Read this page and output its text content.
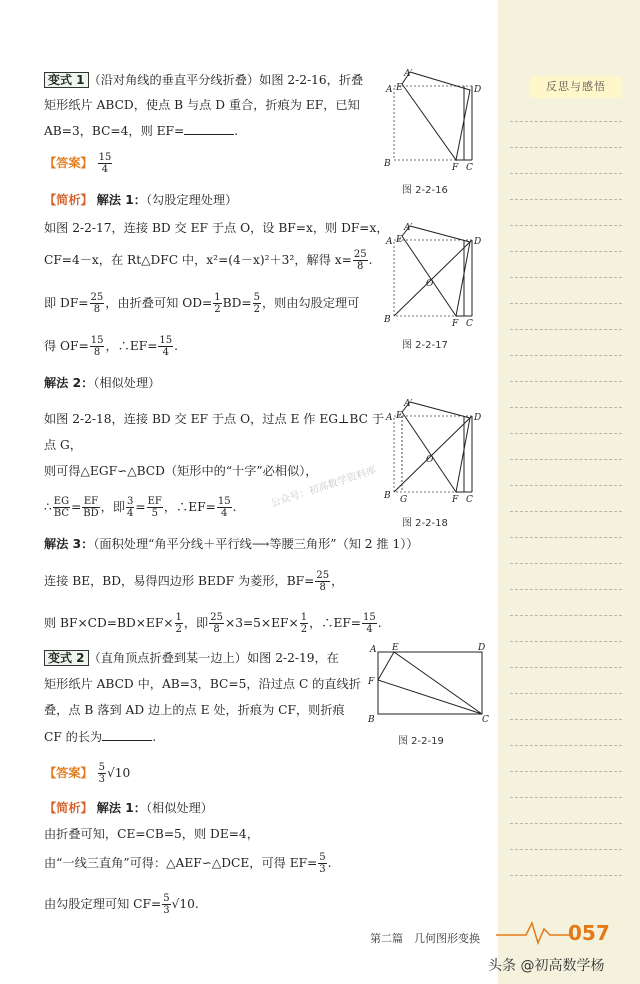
反思与感悟
变式 1 （沿对角线的垂直平分线折叠）如图 2-2-16，折叠
矩形纸片 ABCD，使点 B 与点 D 重合，折痕为 EF，已知
AB=3，BC=4，则 EF=	.
【答案】 $\frac{15}{4}$
【简析】 解法 1：（勾股定理处理）
如图 2-2-17，连接 BD 交 EF 于点 O，设 BF=x，则 DF=x，
CF=4－x，在 Rt△DFC 中，x²=(4－x)²＋3²，解得 $x= \frac{25}{8}$ .
即 $DF= \frac{25}{8}$ ，由折叠可知 $OD= \frac{1}{2} BD= \frac{5}{2}$ ，则由勾股定理可
得 $OF= \frac{15}{8}$ ，∴EF= $\frac{15}{4}$ .
解法 2：（相似处理）
如图 2-2-18，连接 BD 交 EF 于点 O，过点 E 作 EG⊥BC 于
点 G，
则可得△EGF∽△BCD（矩形中的“十字”必相似），
∴ $\frac{EG}{BC} = \frac{EF}{BD}$ ，即 $\frac{3}{4} = \frac{EF}{5}$ ，∴EF= $\frac{15}{4}$ .
解法 3：（面积处理“角平分线＋平行线⟶等腰三角形”（知 2 推 1））
连接 BE，BD，易得四边形 BEDF 为菱形，$BF= \frac{25}{8}$ ，
则 $BF\times CD=BD\times EF\times \frac{1}{2}$ ，即 $\frac{25}{8} \times 3=5\times EF\times \frac{1}{2}$ ，∴EF= $\frac{15}{4}$ .
变式 2 （直角顶点折叠到某一边上）如图 2-2-19，在
矩形纸片 ABCD 中，AB=3，BC=5，沿过点 C 的直线折
叠，点 B 落到 AD 边上的点 E 处，折痕为 CF，则折痕
CF 的长为	.
【答案】 $\frac{5}{3} √10$
【简析】 解法 1：（相似处理）
由折叠可知，CE=CB=5，则 DE=4，
由“一线三直角”可得：△AEF∽△DCE，可得 $EF= \frac{5}{3}$ .
由勾股定理可知 $CF= \frac{5}{3} √10$.
A′
E
A	D
B	F C
图 2-2-16
A′
E
A	D
O
B	F C
图 2-2-17
A′
E
A	D
O
B G	F C
图 2-2-18
A E	D
F
B	C
图 2-2-19
公众号：初高数学资料库
第二篇　几何图形变换	057
头条 @初高数学杨
